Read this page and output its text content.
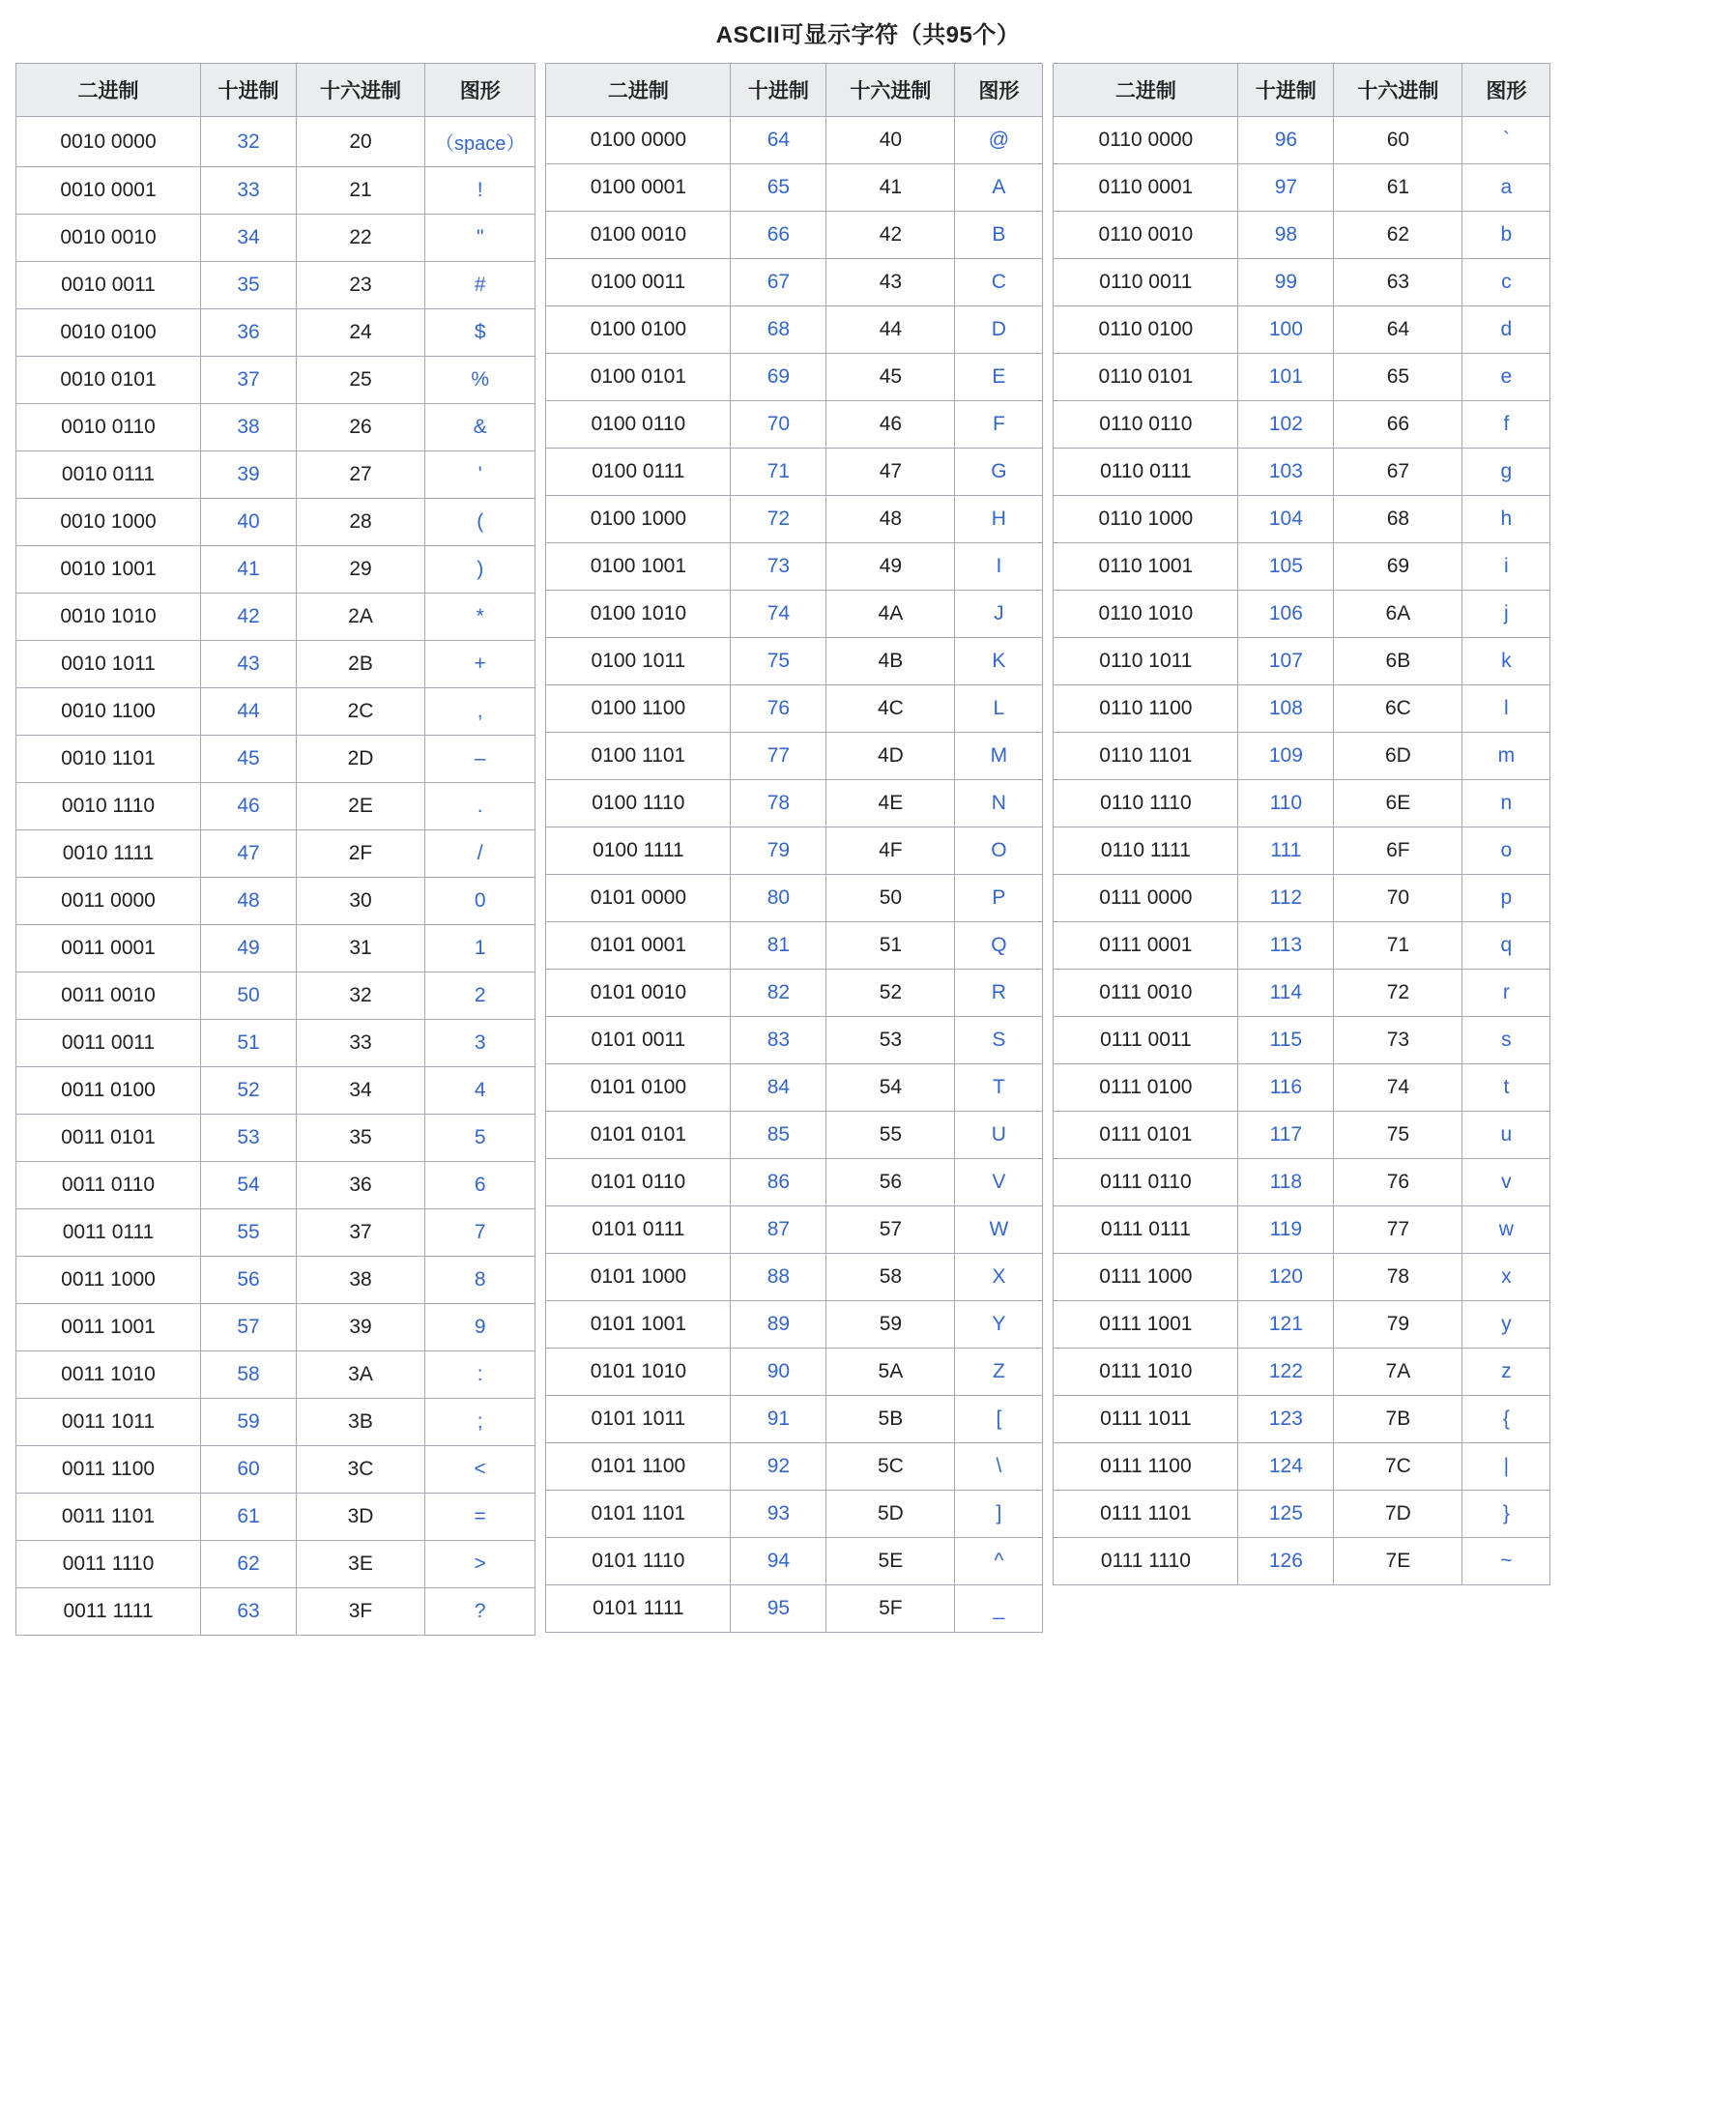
ASCII可显示字符（共95个）
二进制	十进制	十六进制	图形
0010 0000	32	20	（space）
0010 0001	33	21	!
0010 0010	34	22	"
0010 0011	35	23	#
0010 0100	36	24	$
0010 0101	37	25	%
0010 0110	38	26	&
0010 0111	39	27	'
0010 1000	40	28	(
0010 1001	41	29	)
0010 1010	42	2A	*
0010 1011	43	2B	+
0010 1100	44	2C	,
0010 1101	45	2D	–
0010 1110	46	2E	.
0010 1111	47	2F	/
0011 0000	48	30	0
0011 0001	49	31	1
0011 0010	50	32	2
0011 0011	51	33	3
0011 0100	52	34	4
0011 0101	53	35	5
0011 0110	54	36	6
0011 0111	55	37	7
0011 1000	56	38	8
0011 1001	57	39	9
0011 1010	58	3A	:
0011 1011	59	3B	;
0011 1100	60	3C	<
0011 1101	61	3D	=
0011 1110	62	3E	>
0011 1111	63	3F	?
二进制	十进制	十六进制	图形
0100 0000	64	40	@
0100 0001	65	41	A
0100 0010	66	42	B
0100 0011	67	43	C
0100 0100	68	44	D
0100 0101	69	45	E
0100 0110	70	46	F
0100 0111	71	47	G
0100 1000	72	48	H
0100 1001	73	49	I
0100 1010	74	4A	J
0100 1011	75	4B	K
0100 1100	76	4C	L
0100 1101	77	4D	M
0100 1110	78	4E	N
0100 1111	79	4F	O
0101 0000	80	50	P
0101 0001	81	51	Q
0101 0010	82	52	R
0101 0011	83	53	S
0101 0100	84	54	T
0101 0101	85	55	U
0101 0110	86	56	V
0101 0111	87	57	W
0101 1000	88	58	X
0101 1001	89	59	Y
0101 1010	90	5A	Z
0101 1011	91	5B	[
0101 1100	92	5C	\
0101 1101	93	5D	]
0101 1110	94	5E	^
0101 1111	95	5F	_
二进制	十进制	十六进制	图形
0110 0000	96	60	`
0110 0001	97	61	a
0110 0010	98	62	b
0110 0011	99	63	c
0110 0100	100	64	d
0110 0101	101	65	e
0110 0110	102	66	f
0110 0111	103	67	g
0110 1000	104	68	h
0110 1001	105	69	i
0110 1010	106	6A	j
0110 1011	107	6B	k
0110 1100	108	6C	l
0110 1101	109	6D	m
0110 1110	110	6E	n
0110 1111	111	6F	o
0111 0000	112	70	p
0111 0001	113	71	q
0111 0010	114	72	r
0111 0011	115	73	s
0111 0100	116	74	t
0111 0101	117	75	u
0111 0110	118	76	v
0111 0111	119	77	w
0111 1000	120	78	x
0111 1001	121	79	y
0111 1010	122	7A	z
0111 1011	123	7B	{
0111 1100	124	7C	|
0111 1101	125	7D	}
0111 1110	126	7E	~
